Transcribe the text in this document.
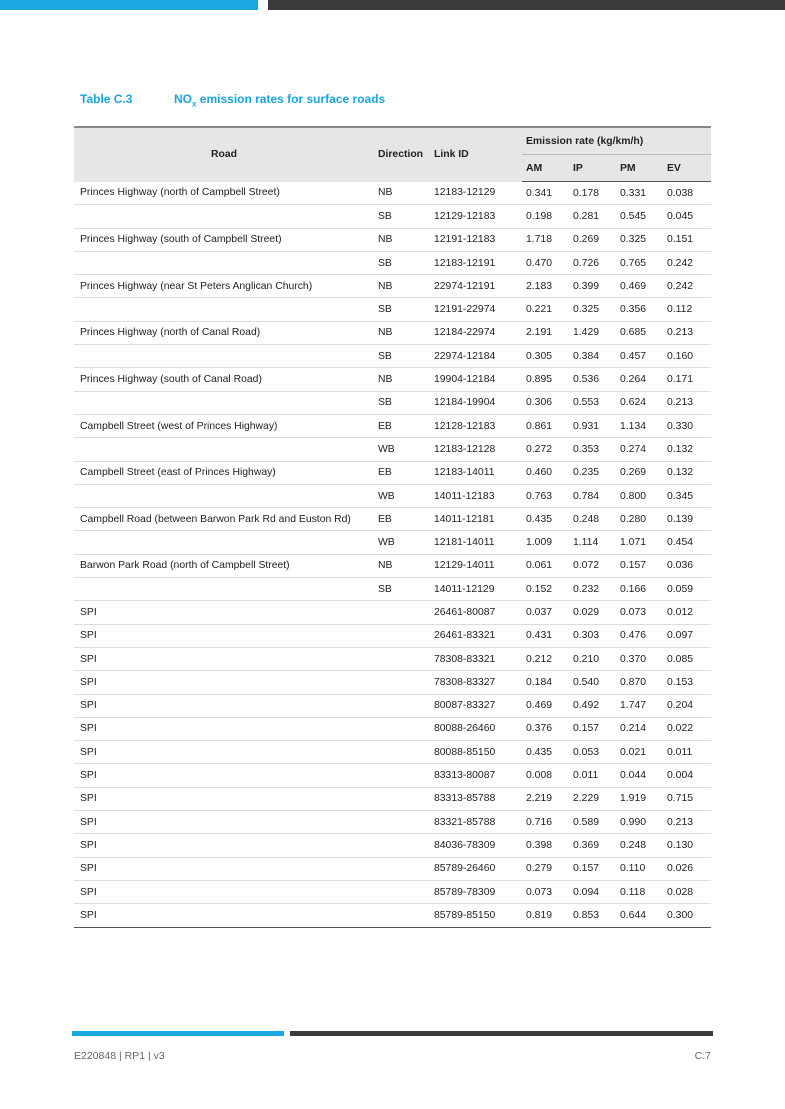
Table C.3	$NO_x$ emission rates for surface roads
Road	Direction	Link ID	Emission rate (kg/km/h)			
			AM	IP	PM	EV
Princes Highway (north of Campbell Street)	NB	12183-12129	0.341	0.178	0.331	0.038
	SB	12129-12183	0.198	0.281	0.545	0.045
Princes Highway (south of Campbell Street)	NB	12191-12183	1.718	0.269	0.325	0.151
	SB	12183-12191	0.470	0.726	0.765	0.242
Princes Highway (near St Peters Anglican Church)	NB	22974-12191	2.183	0.399	0.469	0.242
	SB	12191-22974	0.221	0.325	0.356	0.112
Princes Highway (north of Canal Road)	NB	12184-22974	2.191	1.429	0.685	0.213
	SB	22974-12184	0.305	0.384	0.457	0.160
Princes Highway (south of Canal Road)	NB	19904-12184	0.895	0.536	0.264	0.171
	SB	12184-19904	0.306	0.553	0.624	0.213
Campbell Street (west of Princes Highway)	EB	12128-12183	0.861	0.931	1.134	0.330
	WB	12183-12128	0.272	0.353	0.274	0.132
Campbell Street (east of Princes Highway)	EB	12183-14011	0.460	0.235	0.269	0.132
	WB	14011-12183	0.763	0.784	0.800	0.345
Campbell Road (between Barwon Park Rd and Euston Rd)	EB	14011-12181	0.435	0.248	0.280	0.139
	WB	12181-14011	1.009	1.114	1.071	0.454
Barwon Park Road (north of Campbell Street)	NB	12129-14011	0.061	0.072	0.157	0.036
	SB	14011-12129	0.152	0.232	0.166	0.059
SPI		26461-80087	0.037	0.029	0.073	0.012
SPI		26461-83321	0.431	0.303	0.476	0.097
SPI		78308-83321	0.212	0.210	0.370	0.085
SPI		78308-83327	0.184	0.540	0.870	0.153
SPI		80087-83327	0.469	0.492	1.747	0.204
SPI		80088-26460	0.376	0.157	0.214	0.022
SPI		80088-85150	0.435	0.053	0.021	0.011
SPI		83313-80087	0.008	0.011	0.044	0.004
SPI		83313-85788	2.219	2.229	1.919	0.715
SPI		83321-85788	0.716	0.589	0.990	0.213
SPI		84036-78309	0.398	0.369	0.248	0.130
SPI		85789-26460	0.279	0.157	0.110	0.026
SPI		85789-78309	0.073	0.094	0.118	0.028
SPI		85789-85150	0.819	0.853	0.644	0.300
E220848 | RP1 | v3	C.7
